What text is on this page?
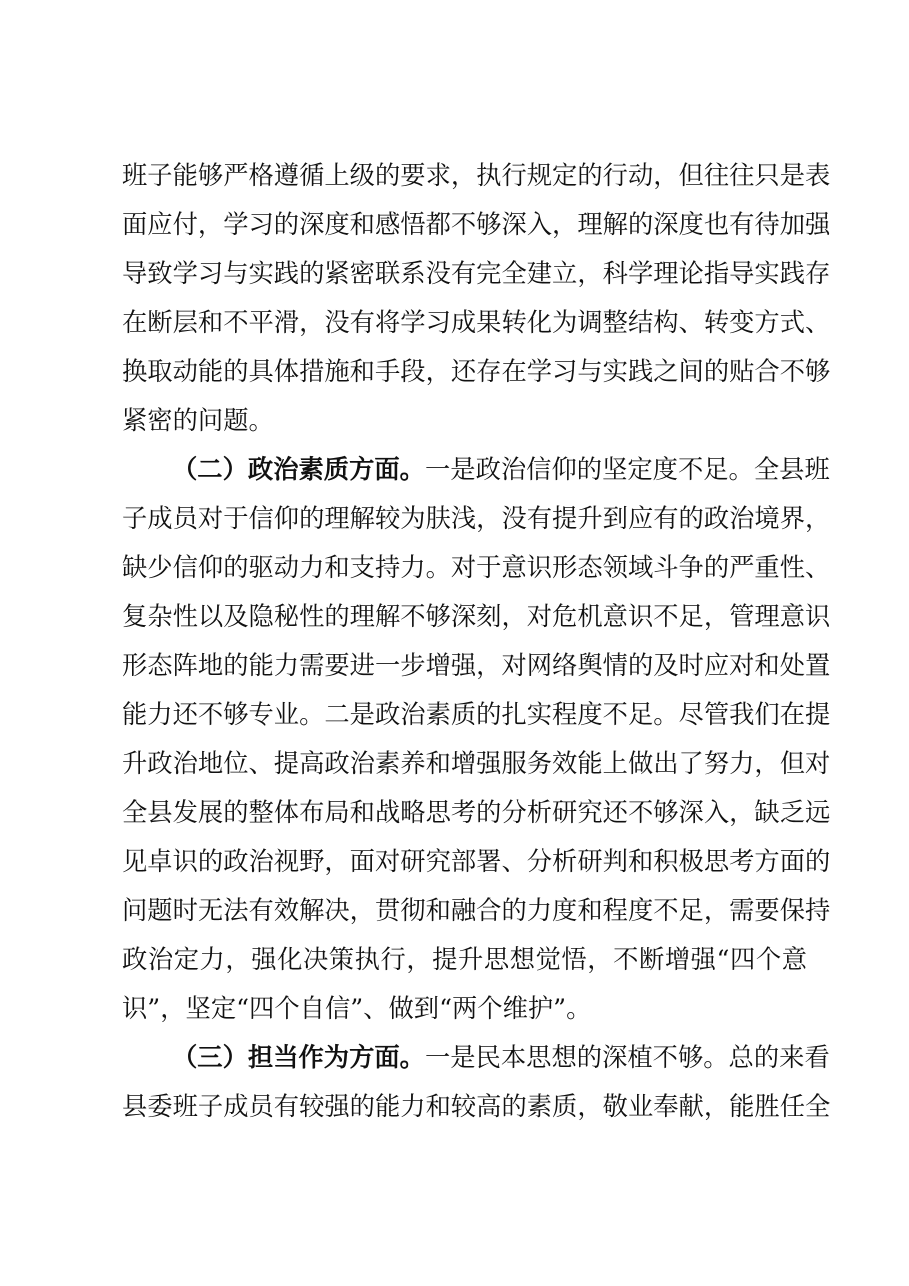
班子能够严格遵循上级的要求，执行规定的行动，但往往只是表
面应付，学习的深度和感悟都不够深入，理解的深度也有待加强
导致学习与实践的紧密联系没有完全建立，科学理论指导实践存
在断层和不平滑，没有将学习成果转化为调整结构、转变方式、
换取动能的具体措施和手段，还存在学习与实践之间的贴合不够
紧密的问题。
（二）政治素质方面。一是政治信仰的坚定度不足。全县班
子成员对于信仰的理解较为肤浅，没有提升到应有的政治境界，
缺少信仰的驱动力和支持力。对于意识形态领域斗争的严重性、
复杂性以及隐秘性的理解不够深刻，对危机意识不足，管理意识
形态阵地的能力需要进一步增强，对网络舆情的及时应对和处置
能力还不够专业。二是政治素质的扎实程度不足。尽管我们在提
升政治地位、提高政治素养和增强服务效能上做出了努力，但对
全县发展的整体布局和战略思考的分析研究还不够深入，缺乏远
见卓识的政治视野，面对研究部署、分析研判和积极思考方面的
问题时无法有效解决，贯彻和融合的力度和程度不足，需要保持
政治定力，强化决策执行，提升思想觉悟，不断增强“四个意
识”，坚定“四个自信”、做到“两个维护”。
（三）担当作为方面。一是民本思想的深植不够。总的来看
县委班子成员有较强的能力和较高的素质，敬业奉献，能胜任全
